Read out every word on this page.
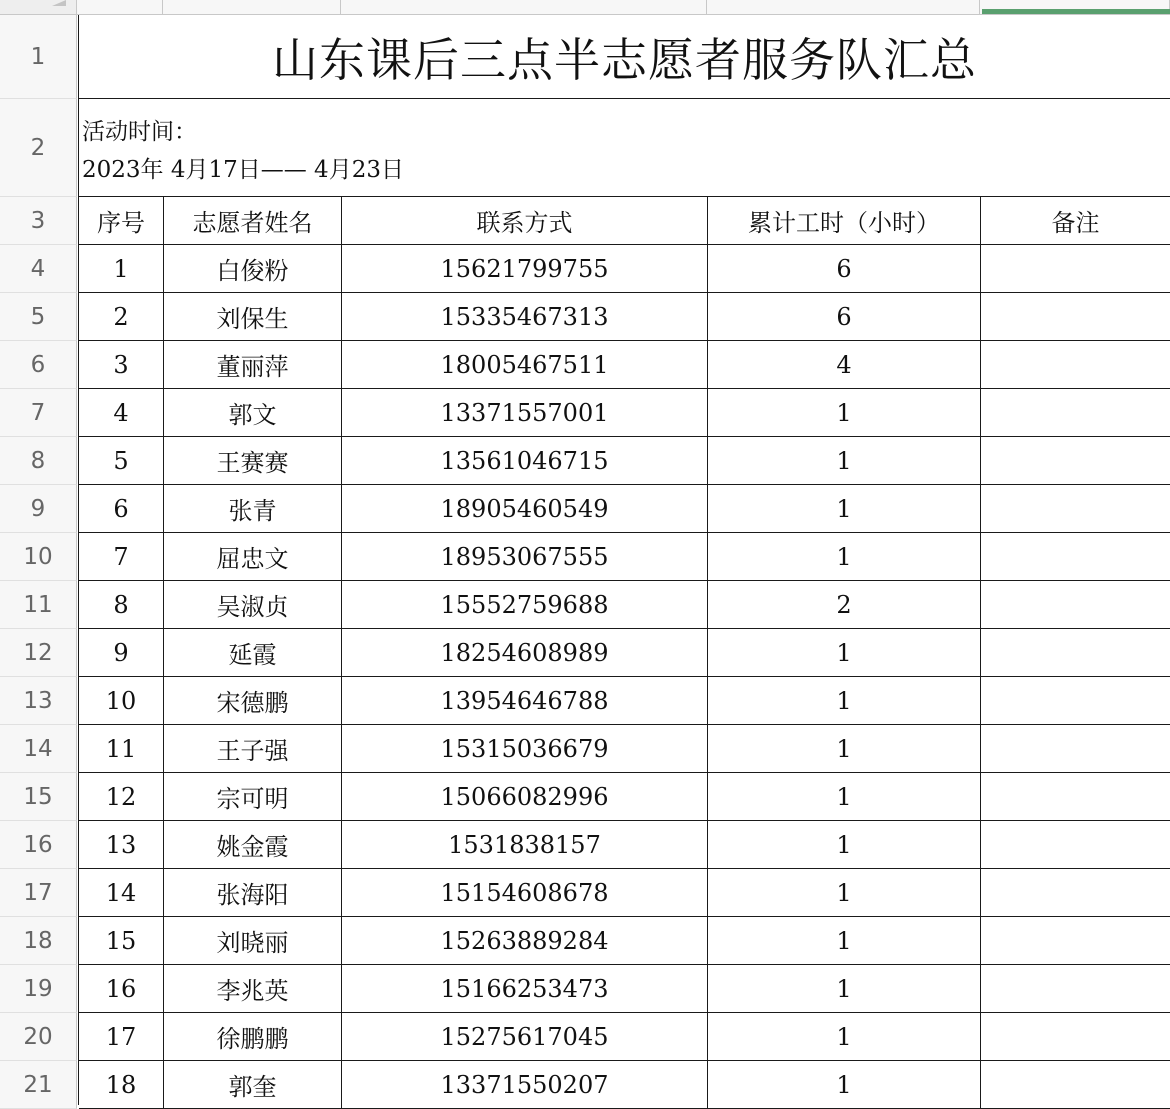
1
2
3
4
5
6
7
8
9
10
11
12
13
14
15
16
17
18
19
20
21
山东课后三点半志愿者服务队汇总
活动时间：
2023年 4月17日—— 4月23日
序号	志愿者姓名	联系方式	累计工时（小时）	备注
1	白俊粉	15621799755	6
2	刘保生	15335467313	6
3	董丽萍	18005467511	4
4	郭文	13371557001	1
5	王赛赛	13561046715	1
6	张青	18905460549	1
7	屈忠文	18953067555	1
8	吴淑贞	15552759688	2
9	延霞	18254608989	1
10	宋德鹏	13954646788	1
11	王子强	15315036679	1
12	宗可明	15066082996	1
13	姚金霞	1531838157	1
14	张海阳	15154608678	1
15	刘晓丽	15263889284	1
16	李兆英	15166253473	1
17	徐鹏鹏	15275617045	1
18	郭奎	13371550207	1
